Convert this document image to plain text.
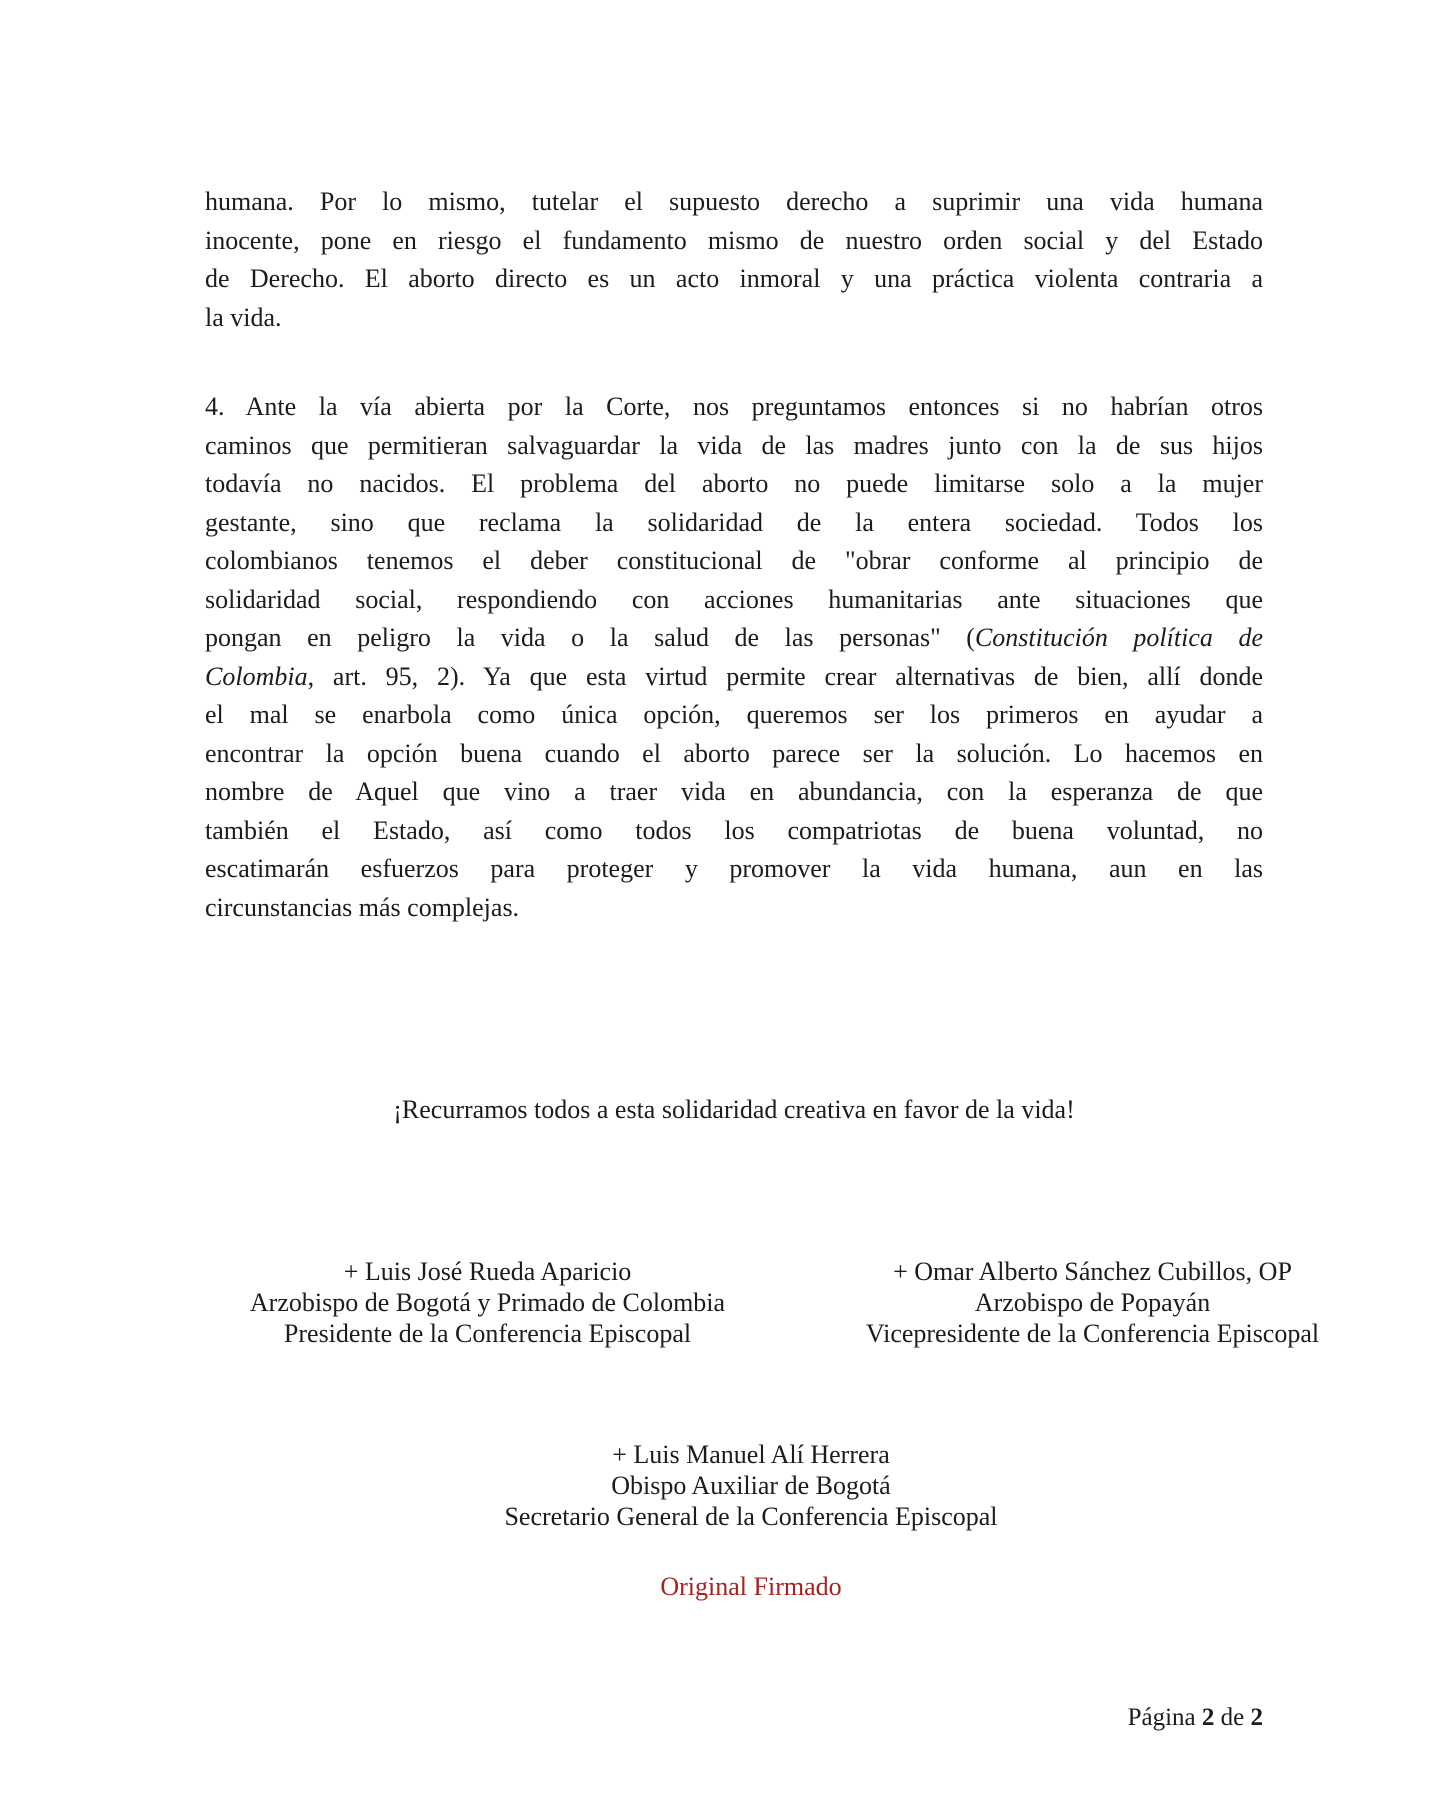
humana. Por lo mismo, tutelar el supuesto derecho a suprimir una vida humana
inocente, pone en riesgo el fundamento mismo de nuestro orden social y del Estado
de Derecho. El aborto directo es un acto inmoral y una práctica violenta contraria a
la vida.

4. Ante la vía abierta por la Corte, nos preguntamos entonces si no habrían otros
caminos que permitieran salvaguardar la vida de las madres junto con la de sus hijos
todavía no nacidos. El problema del aborto no puede limitarse solo a la mujer
gestante, sino que reclama la solidaridad de la entera sociedad. Todos los
colombianos tenemos el deber constitucional de "obrar conforme al principio de
solidaridad social, respondiendo con acciones humanitarias ante situaciones que
pongan en peligro la vida o la salud de las personas" (Constitución política de
Colombia, art. 95, 2). Ya que esta virtud permite crear alternativas de bien, allí donde
el mal se enarbola como única opción, queremos ser los primeros en ayudar a
encontrar la opción buena cuando el aborto parece ser la solución. Lo hacemos en
nombre de Aquel que vino a traer vida en abundancia, con la esperanza de que
también el Estado, así como todos los compatriotas de buena voluntad, no
escatimarán esfuerzos para proteger y promover la vida humana, aun en las
circunstancias más complejas.

¡Recurramos todos a esta solidaridad creativa en favor de la vida!
+ Luis José Rueda Aparicio
Arzobispo de Bogotá y Primado de Colombia
Presidente de la Conferencia Episcopal
+ Omar Alberto Sánchez Cubillos, OP
Arzobispo de Popayán
Vicepresidente de la Conferencia Episcopal
+ Luis Manuel Alí Herrera
Obispo Auxiliar de Bogotá
Secretario General de la Conferencia Episcopal
Original Firmado
Página 2 de 2
